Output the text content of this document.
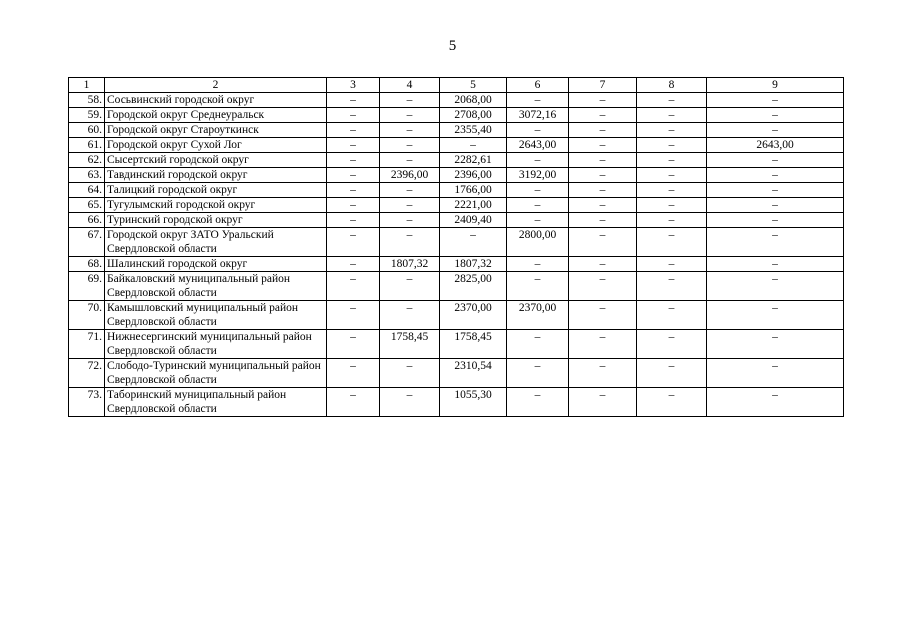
5
1	2	3	4	5	6	7	8	9
58.	Сосьвинский городской округ	–	–	2068,00	–	–	–	–
59.	Городской округ Среднеуральск	–	–	2708,00	3072,16	–	–	–
60.	Городской округ Староуткинск	–	–	2355,40	–	–	–	–
61.	Городской округ Сухой Лог	–	–	–	2643,00	–	–	2643,00
62.	Сысертский городской округ	–	–	2282,61	–	–	–	–
63.	Тавдинский городской округ	–	2396,00	2396,00	3192,00	–	–	–
64.	Талицкий городской округ	–	–	1766,00	–	–	–	–
65.	Тугулымский городской округ	–	–	2221,00	–	–	–	–
66.	Туринский городской округ	–	–	2409,40	–	–	–	–
67.	Городской округ ЗАТО Уральский Свердловской области	–	–	–	2800,00	–	–	–
68.	Шалинский городской округ	–	1807,32	1807,32	–	–	–	–
69.	Байкаловский муниципальный район Свердловской области	–	–	2825,00	–	–	–	–
70.	Камышловский муниципальный район Свердловской области	–	–	2370,00	2370,00	–	–	–
71.	Нижнесергинский муниципальный район Свердловской области	–	1758,45	1758,45	–	–	–	–
72.	Слободо-Туринский муниципальный район Свердловской области	–	–	2310,54	–	–	–	–
73.	Таборинский муниципальный район Свердловской области	–	–	1055,30	–	–	–	–
